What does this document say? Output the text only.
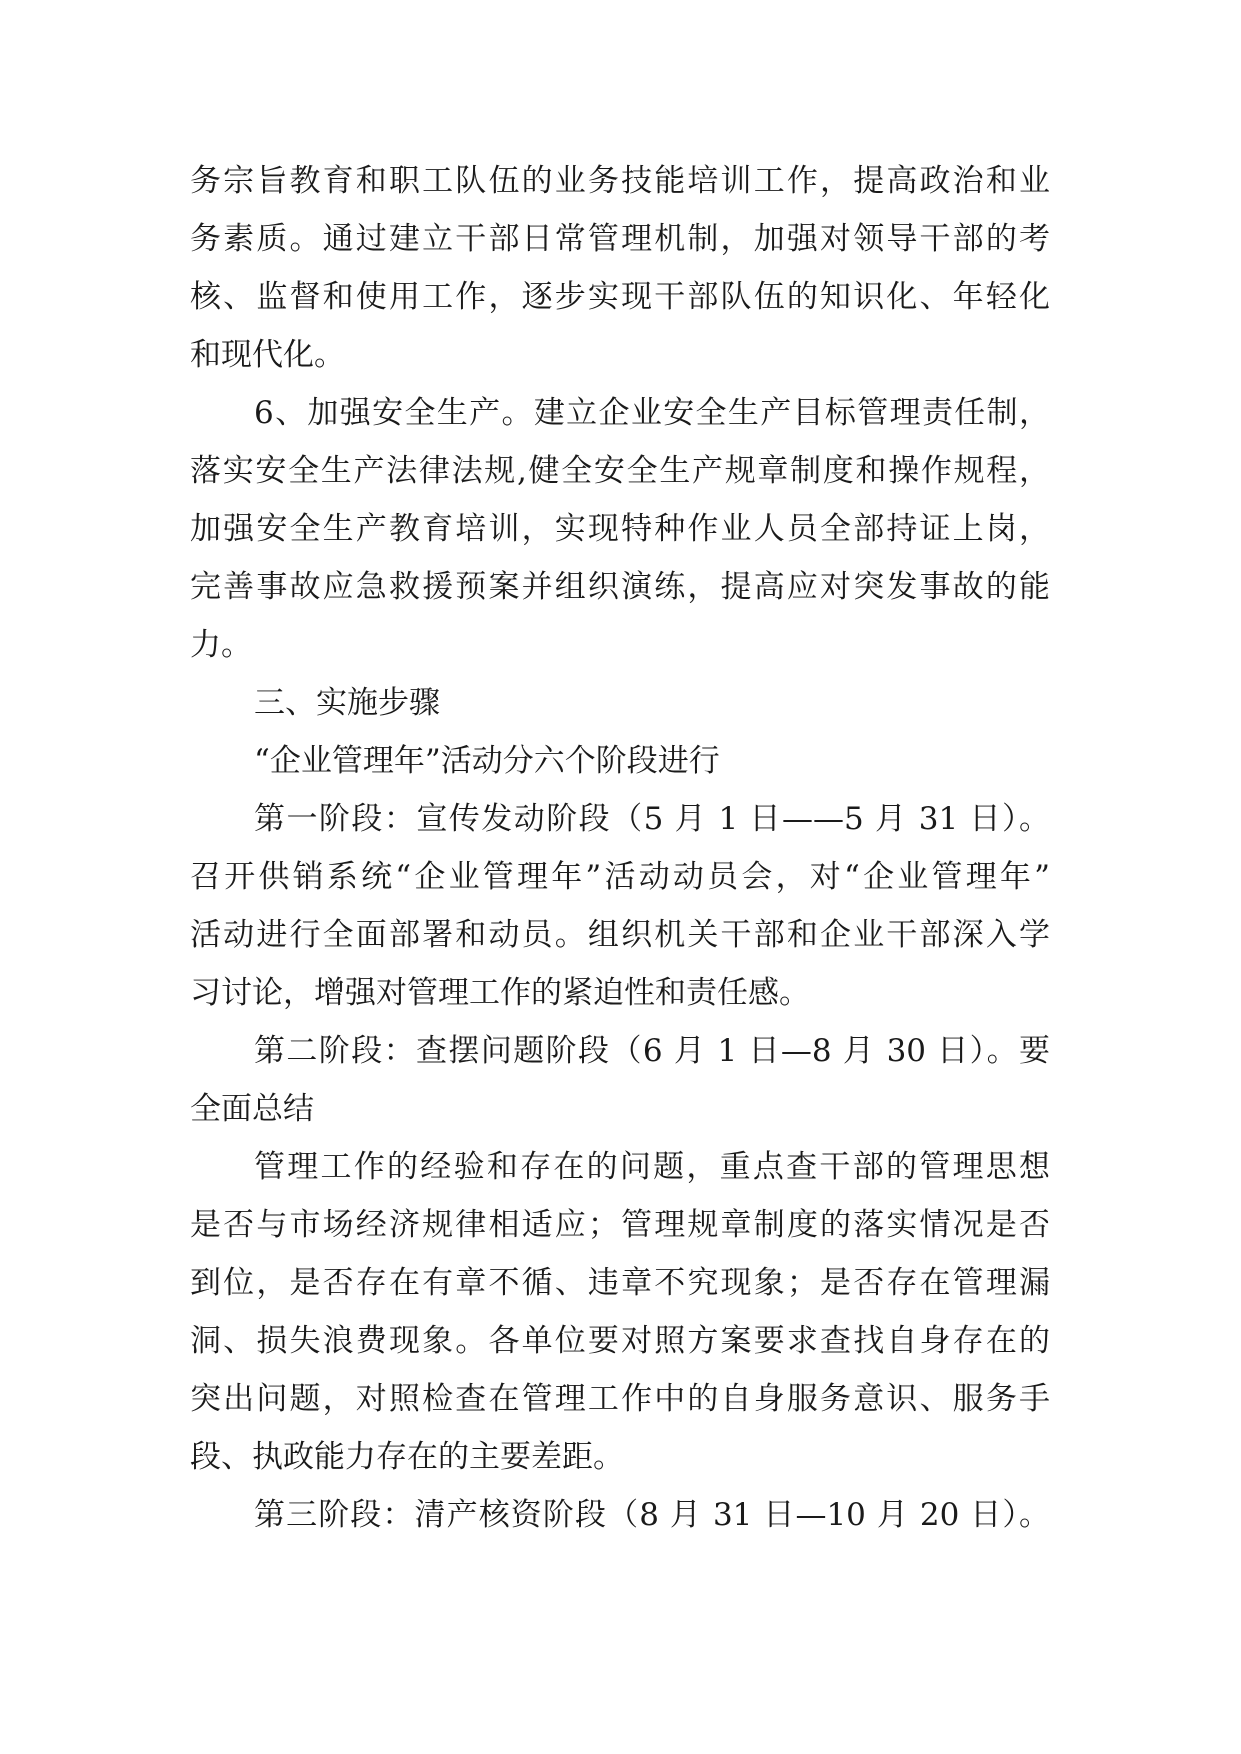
务宗旨教育和职工队伍的业务技能培训工作，提高政治和业
务素质。通过建立干部日常管理机制，加强对领导干部的考
核、监督和使用工作，逐步实现干部队伍的知识化、年轻化
和现代化。
6、加强安全生产。建立企业安全生产目标管理责任制，
落实安全生产法律法规,健全安全生产规章制度和操作规程，
加强安全生产教育培训，实现特种作业人员全部持证上岗，
完善事故应急救援预案并组织演练，提高应对突发事故的能
力。
三、实施步骤
“企业管理年”活动分六个阶段进行
第一阶段：宣传发动阶段（5 月 1 日——5 月 31 日）。
召开供销系统“企业管理年”活动动员会，对“企业管理年”
活动进行全面部署和动员。组织机关干部和企业干部深入学
习讨论，增强对管理工作的紧迫性和责任感。
第二阶段：查摆问题阶段（6 月 1 日—8 月 30 日）。要
全面总结
管理工作的经验和存在的问题，重点查干部的管理思想
是否与市场经济规律相适应；管理规章制度的落实情况是否
到位，是否存在有章不循、违章不究现象；是否存在管理漏
洞、损失浪费现象。各单位要对照方案要求查找自身存在的
突出问题，对照检查在管理工作中的自身服务意识、服务手
段、执政能力存在的主要差距。
第三阶段：清产核资阶段（8 月 31 日—10 月 20 日）。
